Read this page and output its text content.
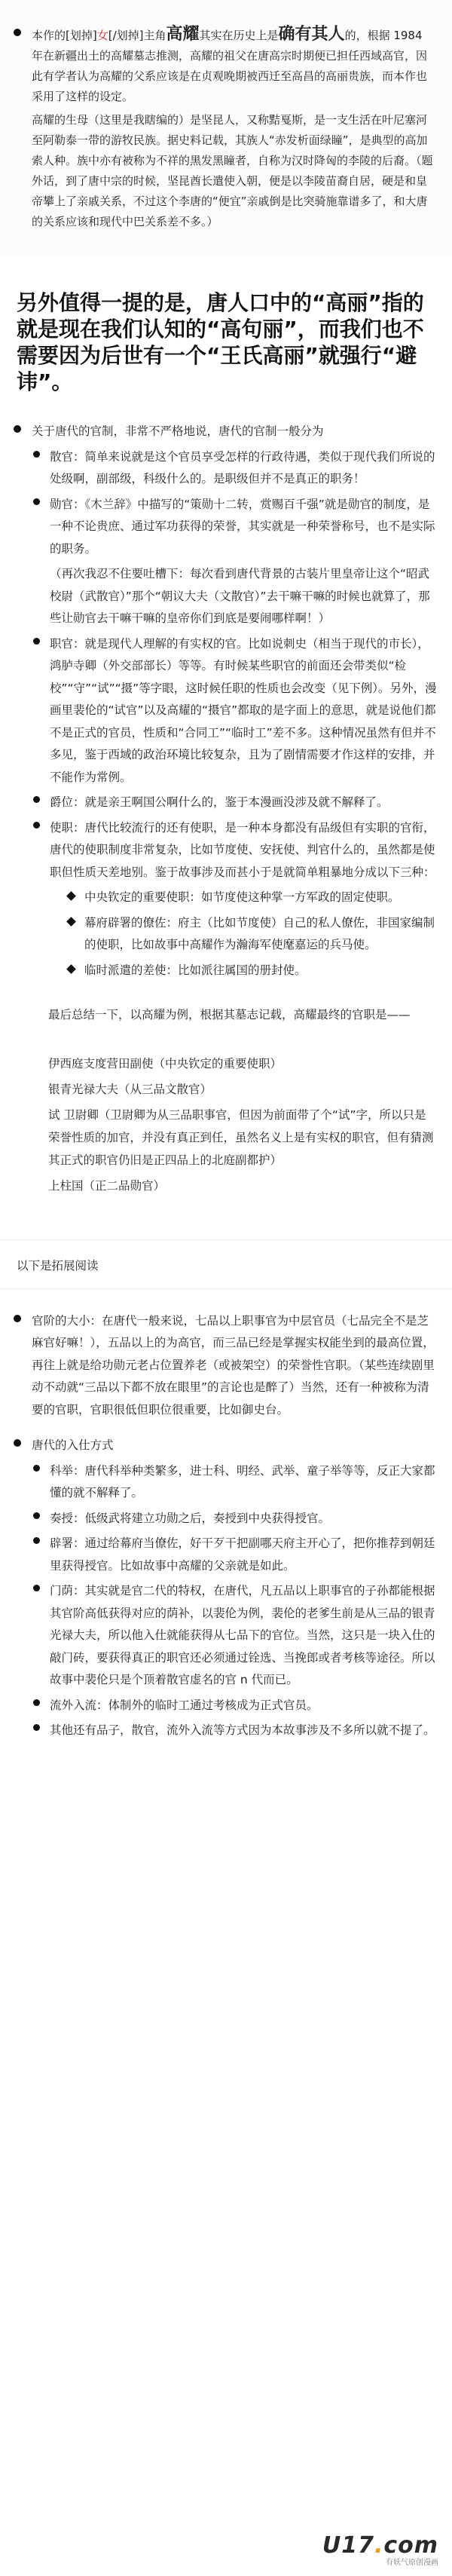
本作的[划掉]女[/划掉]主角高耀其实在历史上是确有其人的，根据 1984 年在新疆出土的高耀墓志推测，高耀的祖父在唐高宗时期便已担任西域高官，因此有学者认为高耀的父系应该是在贞观晚期被西迁至高昌的高丽贵族，而本作也采用了这样的设定。

高耀的生母（这里是我瞎编的）是坚昆人，又称黠戛斯，是一支生活在叶尼塞河至阿勒泰一带的游牧民族。据史料记载，其族人“赤发析面绿瞳”，是典型的高加索人种。族中亦有被称为不祥的黑发黑瞳者，自称为汉时降匈的李陵的后裔。（题外话，到了唐中宗的时候，坚昆酋长遣使入朝，便是以李陵苗裔自居，硬是和皇帝攀上了亲戚关系，不过这个李唐的“便宜”亲戚倒是比突骑施靠谱多了，和大唐的关系应该和现代中巴关系差不多。）

另外值得一提的是，唐人口中的“高丽”指的就是现在我们认知的“高句丽”，而我们也不需要因为后世有一个“王氏高丽”就强行“避讳”。

关于唐代的官制，非常不严格地说，唐代的官制一般分为

散官：简单来说就是这个官员享受怎样的行政待遇，类似于现代我们所说的处级啊，副部级，科级什么的。是职级但并不是真正的职务！

勋官：《木兰辞》中描写的“策勋十二转，赏赐百千强”就是勋官的制度，是一种不论贵庶、通过军功获得的荣誉，其实就是一种荣誉称号，也不是实际的职务。

（再次我忍不住要吐槽下：每次看到唐代背景的古装片里皇帝让这个“昭武校尉（武散官）”那个“朝议大夫（文散官）”去干嘛干嘛的时候也就算了，那些让勋官去干嘛干嘛的皇帝你们到底是要闹哪样啊！）

职官：就是现代人理解的有实权的官。比如说刺史（相当于现代的市长），鸿胪寺卿（外交部部长）等等。有时候某些职官的前面还会带类似“检校”“守”“试”“摄”等字眼，这时候任职的性质也会改变（见下例）。另外，漫画里裴伦的“试官”以及高耀的“摄官”都取的是字面上的意思，就是说他们都不是正式的官员，性质和“合同工”“临时工”差不多。这种情况虽然有但并不多见，鉴于西域的政治环境比较复杂，且为了剧情需要才作这样的安排，并不能作为常例。

爵位：就是亲王啊国公啊什么的，鉴于本漫画没涉及就不解释了。

使职：唐代比较流行的还有使职，是一种本身都没有品级但有实职的官衔，唐代的使职制度非常复杂，比如节度使、安抚使、判官什么的，虽然都是使职但性质天差地别。鉴于故事涉及而甚小于是就简单粗暴地分成以下三种：

中央钦定的重要使职：如节度使这种掌一方军政的固定使职。

幕府辟署的僚佐：府主（比如节度使）自己的私人僚佐，非国家编制的使职，比如故事中高耀作为瀚海军使麾嘉运的兵马使。

临时派遣的差使：比如派往属国的册封使。

最后总结一下，以高耀为例，根据其墓志记载，高耀最终的官职是——

伊西庭支度营田副使（中央钦定的重要使职）

银青光禄大夫（从三品文散官）

试 卫尉卿（卫尉卿为从三品职事官，但因为前面带了个“试”字，所以只是荣誉性质的加官，并没有真正到任，虽然名义上是有实权的职官，但有猜测其正式的职官仍旧是正四品上的北庭副都护）

上柱国（正二品勋官）

以下是拓展阅读

官阶的大小：在唐代一般来说，七品以上职事官为中层官员（七品完全不是芝麻官好嘛！），五品以上的为高官，而三品已经是掌握实权能坐到的最高位置，再往上就是给功勋元老占位置养老（或被架空）的荣誉性官职。（某些连续剧里动不动就“三品以下都不放在眼里”的言论也是醉了）当然，还有一种被称为清要的官职，官职很低但职位很重要，比如御史台。

唐代的入仕方式

科举：唐代科举种类繁多，进士科、明经、武举、童子举等等，反正大家都懂的就不解释了。

奏授：低级武将建立功勋之后，奏授到中央获得授官。

辟署：通过给幕府当僚佐，好干歹干把副哪天府主开心了，把你推荐到朝廷里获得授官。比如故事中高耀的父亲就是如此。

门荫：其实就是官二代的特权，在唐代，凡五品以上职事官的子孙都能根据其官阶高低获得对应的荫补，以裴伦为例，裴伦的老爹生前是从三品的银青光禄大夫，所以他入仕就能获得从七品下的官位。当然，这只是一块入仕的敲门砖，要获得真正的职官还必须通过铨选、当挽郎或者考核等途径。所以故事中裴伦只是个顶着散官虚名的官 n 代而已。

流外入流：体制外的临时工通过考核成为正式官员。

其他还有品子，散官，流外入流等方式因为本故事涉及不多所以就不提了。

U17.com
有妖气原创漫画
